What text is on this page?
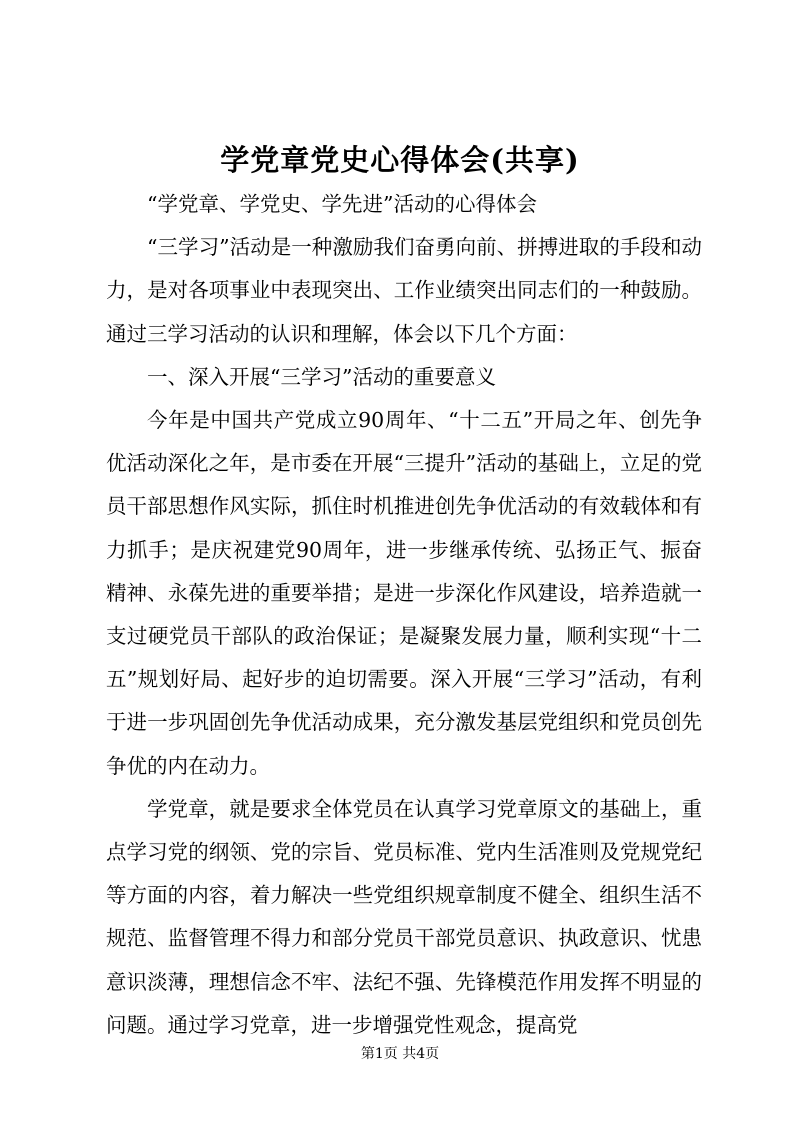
学党章党史心得体会(共享)

“学党章、学党史、学先进”活动的心得体会

“三学习”活动是一种激励我们奋勇向前、拼搏进取的手段和动力，是对各项事业中表现突出、工作业绩突出同志们的一种鼓励。通过三学习活动的认识和理解，体会以下几个方面：

一、深入开展“三学习”活动的重要意义

今年是中国共产党成立90周年、“十二五”开局之年、创先争优活动深化之年，是市委在开展“三提升”活动的基础上，立足的党员干部思想作风实际，抓住时机推进创先争优活动的有效载体和有力抓手；是庆祝建党90周年，进一步继承传统、弘扬正气、振奋精神、永葆先进的重要举措；是进一步深化作风建设，培养造就一支过硬党员干部队的政治保证；是凝聚发展力量，顺利实现“十二五”规划好局、起好步的迫切需要。深入开展“三学习”活动，有利于进一步巩固创先争优活动成果，充分激发基层党组织和党员创先争优的内在动力。

学党章，就是要求全体党员在认真学习党章原文的基础上，重点学习党的纲领、党的宗旨、党员标准、党内生活准则及党规党纪等方面的内容，着力解决一些党组织规章制度不健全、组织生活不规范、监督管理不得力和部分党员干部党员意识、执政意识、忧患意识淡薄，理想信念不牢、法纪不强、先锋模范作用发挥不明显的问题。通过学习党章，进一步增强党性观念，提高党

第1页 共4页
